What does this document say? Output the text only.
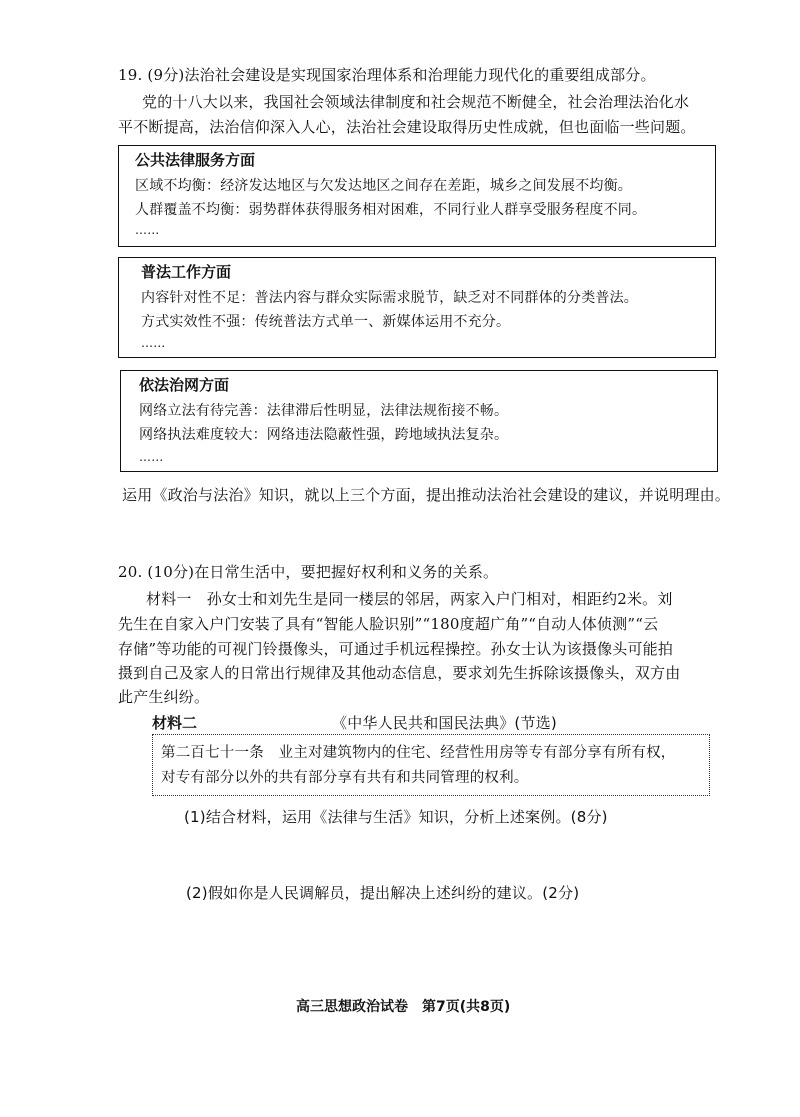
19. (9分)法治社会建设是实现国家治理体系和治理能力现代化的重要组成部分。
党的十八大以来，我国社会领域法律制度和社会规范不断健全，社会治理法治化水
平不断提高，法治信仰深入人心，法治社会建设取得历史性成就，但也面临一些问题。
公共法律服务方面
区域不均衡：经济发达地区与欠发达地区之间存在差距，城乡之间发展不均衡。
人群覆盖不均衡：弱势群体获得服务相对困难，不同行业人群享受服务程度不同。
……
普法工作方面
内容针对性不足：普法内容与群众实际需求脱节，缺乏对不同群体的分类普法。
方式实效性不强：传统普法方式单一、新媒体运用不充分。
……
依法治网方面
网络立法有待完善：法律滞后性明显，法律法规衔接不畅。
网络执法难度较大：网络违法隐蔽性强，跨地域执法复杂。
……
运用《政治与法治》知识，就以上三个方面，提出推动法治社会建设的建议，并说明理由。
20. (10分)在日常生活中，要把握好权利和义务的关系。
材料一　孙女士和刘先生是同一楼层的邻居，两家入户门相对，相距约2米。刘
先生在自家入户门安装了具有“智能人脸识别”“180度超广角”“自动人体侦测”“云
存储”等功能的可视门铃摄像头，可通过手机远程操控。孙女士认为该摄像头可能拍
摄到自己及家人的日常出行规律及其他动态信息，要求刘先生拆除该摄像头，双方由
此产生纠纷。
材料二	《中华人民共和国民法典》(节选)
第二百七十一条　业主对建筑物内的住宅、经营性用房等专有部分享有所有权，
对专有部分以外的共有部分享有共有和共同管理的权利。
(1)结合材料，运用《法律与生活》知识，分析上述案例。(8分)
(2)假如你是人民调解员，提出解决上述纠纷的建议。(2分)
高三思想政治试卷　第7页(共8页)
